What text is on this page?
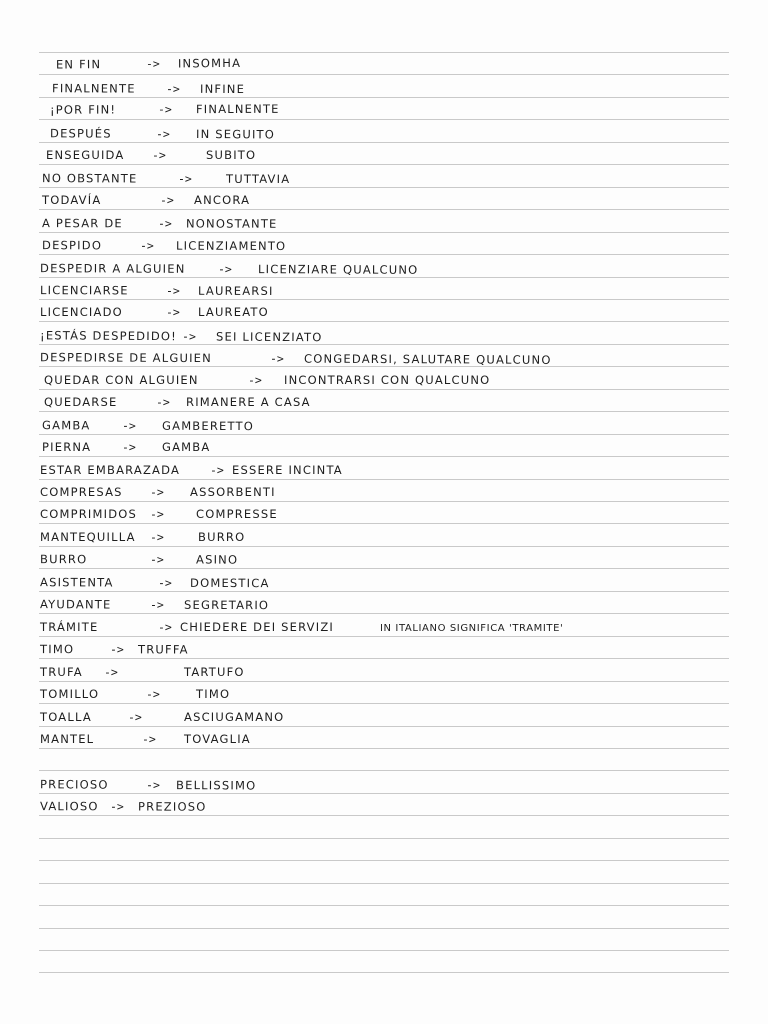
EN FIN	-> INSOMHA
FINALNENTE	-> INFINE
¡POR FIN!	-> FINALNENTE
DESPUÉS	-> IN SEGUITO
ENSEGUIDA ->	SUBITO
NO OBSTANTE	->	TUTTAVIA
TODAVÍA	-> ANCORA
A PESAR DE	-> NONOSTANTE
DESPIDO	-> LICENZIAMENTO
DESPEDIR A ALGUIEN	-> LICENZIARE QUALCUNO
LICENCIARSE	-> LAUREARSI
LICENCIADO	-> LAUREATO
¡ESTÁS DESPEDIDO! -> SEI LICENZIATO
DESPEDIRSE DE ALGUIEN	-> CONGEDARSI, SALUTARE QUALCUNO
QUEDAR CON ALGUIEN	-> INCONTRARSI CON QUALCUNO
QUEDARSE	-> RIMANERE A CASA
GAMBA	-> GAMBERETTO
PIERNA	-> GAMBA
ESTAR EMBARAZADA	-> ESSERE INCINTA
COMPRESAS -> ASSORBENTI
COMPRIMIDOS ->	COMPRESSE
MANTEQUILLA ->	BURRO
BURRO	->	ASINO
ASISTENTA	-> DOMESTICA
AYUDANTE	-> SEGRETARIO
TRÁMITE	-> CHIEDERE DEI SERVIZI	IN ITALIANO SIGNIFICA 'TRAMITE'
TIMO	-> TRUFFA
TRUFA ->	TARTUFO
TOMILLO	->	TIMO
TOALLA	->	ASCIUGAMANO
MANTEL	-> TOVAGLIA
PRECIOSO	-> BELLISSIMO
VALIOSO -> PREZIOSO
